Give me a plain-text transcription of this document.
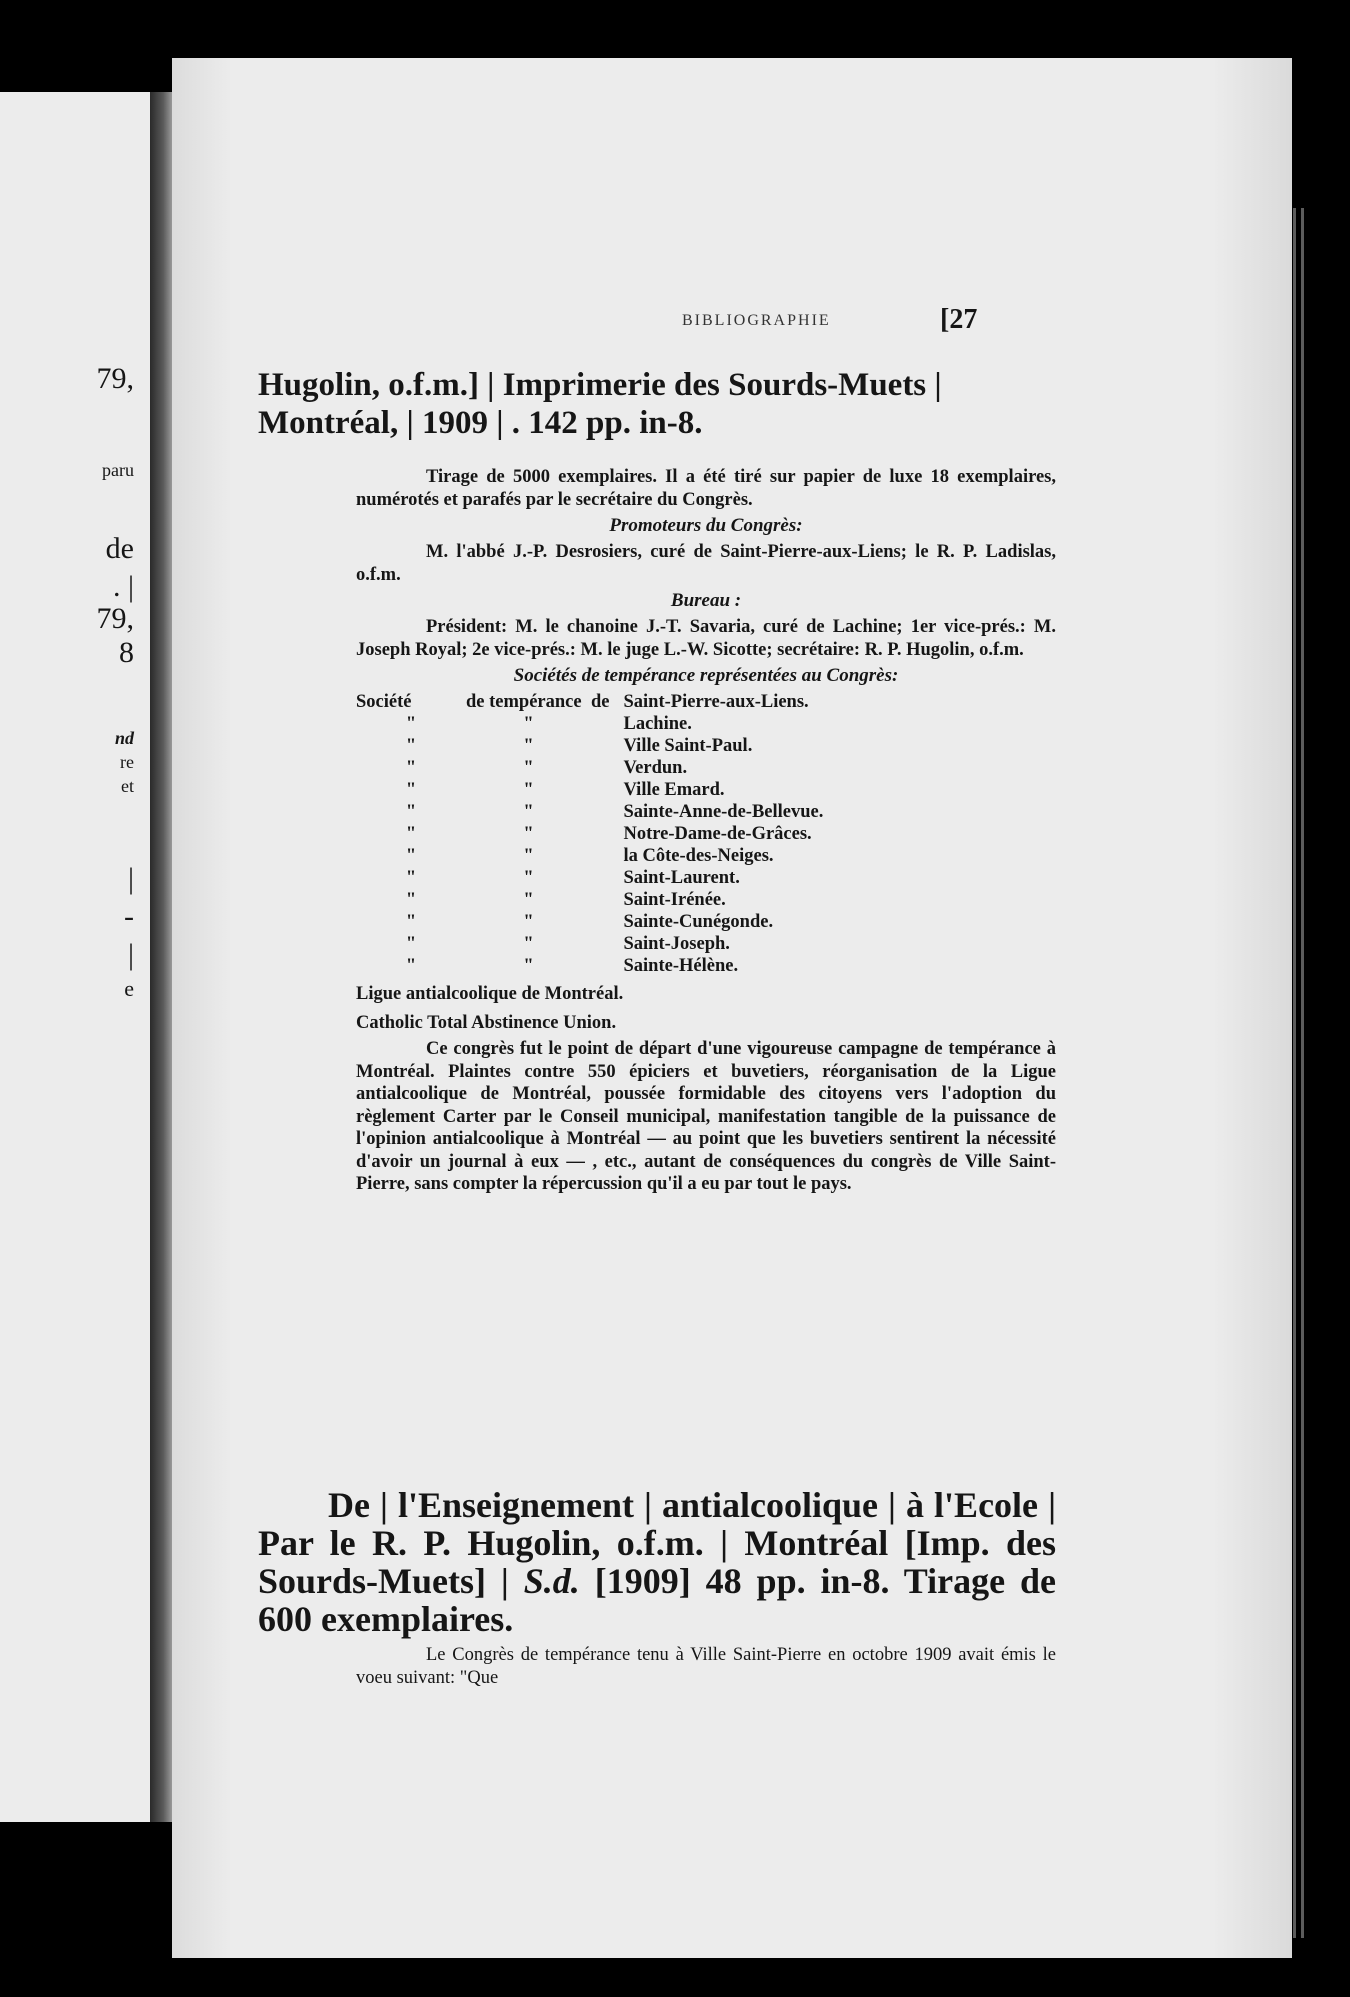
79,
paru
de
. |
79,
8
nd
re
et
|
-
|
e
BIBLIOGRAPHIE	[27
Hugolin, o.f.m.] | Imprimerie des Sourds-Muets |
Montréal, | 1909 | . 142 pp. in-8.

Tirage de 5000 exemplaires. Il a été tiré sur papier de luxe 18 exemplaires, numérotés et parafés par le secrétaire du Congrès.

Promoteurs du Congrès:

M. l'abbé J.-P. Desrosiers, curé de Saint-Pierre-aux-Liens; le R. P. Ladislas, o.f.m.

Bureau :

Président: M. le chanoine J.-T. Savaria, curé de Lachine; 1er vice-prés.: M. Joseph Royal; 2e vice-prés.: M. le juge L.-W. Sicotte; secrétaire: R. P. Hugolin, o.f.m.

Sociétés de tempérance représentées au Congrès:
Société	de tempérance	de	Saint-Pierre-aux-Liens.
"	"		Lachine.
"	"		Ville Saint-Paul.
"	"		Verdun.
"	"		Ville Emard.
"	"		Sainte-Anne-de-Bellevue.
"	"		Notre-Dame-de-Grâces.
"	"		la Côte-des-Neiges.
"	"		Saint-Laurent.
"	"		Saint-Irénée.
"	"		Sainte-Cunégonde.
"	"		Saint-Joseph.
"	"		Sainte-Hélène.

Ligue antialcoolique de Montréal.

Catholic Total Abstinence Union.

Ce congrès fut le point de départ d'une vigoureuse campagne de tempérance à Montréal. Plaintes contre 550 épiciers et buvetiers, réorganisation de la Ligue antialcoolique de Montréal, poussée formidable des citoyens vers l'adoption du règlement Carter par le Conseil municipal, manifestation tangible de la puissance de l'opinion antialcoolique à Montréal — au point que les buvetiers sentirent la nécessité d'avoir un journal à eux — , etc., autant de conséquences du congrès de Ville Saint-Pierre, sans compter la répercussion qu'il a eu par tout le pays.

De | l'Enseignement | antialcoolique | à l'Ecole | Par le R. P. Hugolin, o.f.m. | Montréal [Imp. des Sourds-Muets] | S.d. [1909] 48 pp. in-8. Tirage de 600 exemplaires.

Le Congrès de tempérance tenu à Ville Saint-Pierre en octobre 1909 avait émis le voeu suivant: "Que
